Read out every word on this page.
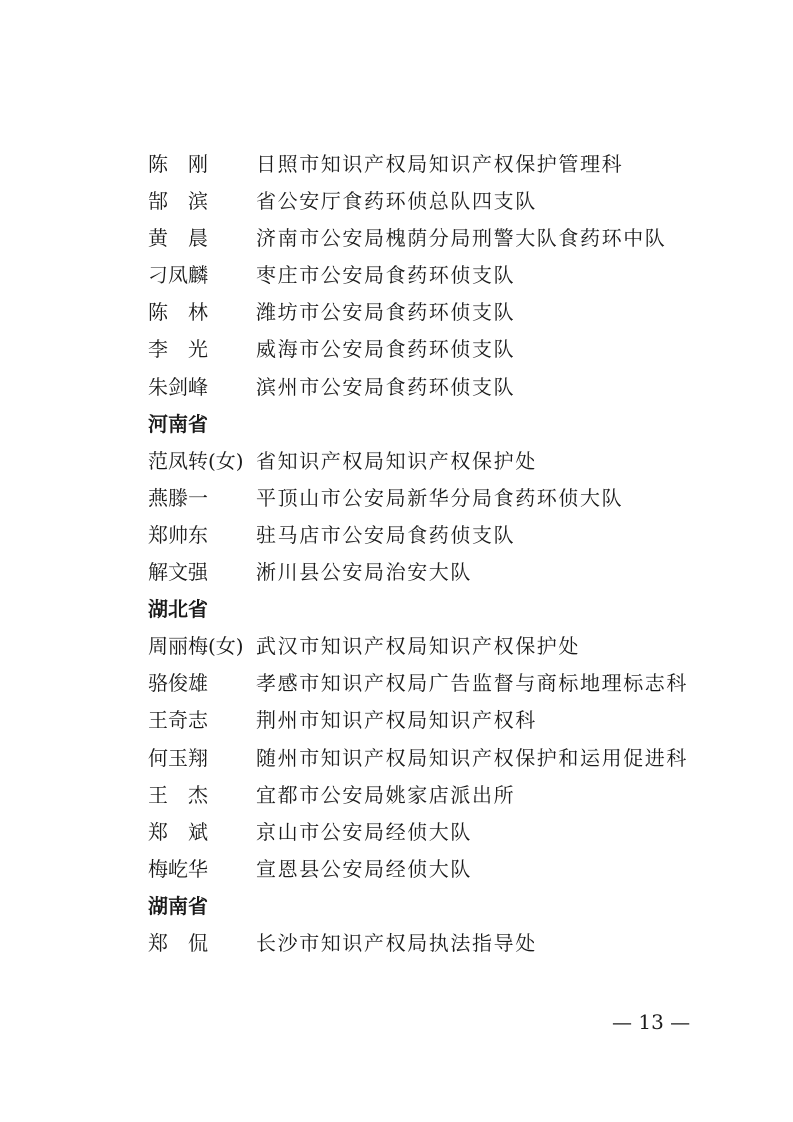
陈　刚 日照市知识产权局知识产权保护管理科
郜　滨 省公安厅食药环侦总队四支队
黄　晨 济南市公安局槐荫分局刑警大队食药环中队
刁凤麟 枣庄市公安局食药环侦支队
陈　林 潍坊市公安局食药环侦支队
李　光 威海市公安局食药环侦支队
朱剑峰 滨州市公安局食药环侦支队
河南省
范凤转(女) 省知识产权局知识产权保护处
燕滕一 平顶山市公安局新华分局食药环侦大队
郑帅东 驻马店市公安局食药侦支队
解文强 淅川县公安局治安大队
湖北省
周丽梅(女) 武汉市知识产权局知识产权保护处
骆俊雄 孝感市知识产权局广告监督与商标地理标志科
王奇志 荆州市知识产权局知识产权科
何玉翔 随州市知识产权局知识产权保护和运用促进科
王　杰 宜都市公安局姚家店派出所
郑　斌 京山市公安局经侦大队
梅屹华 宣恩县公安局经侦大队
湖南省
郑　侃 长沙市知识产权局执法指导处
— 13 —
